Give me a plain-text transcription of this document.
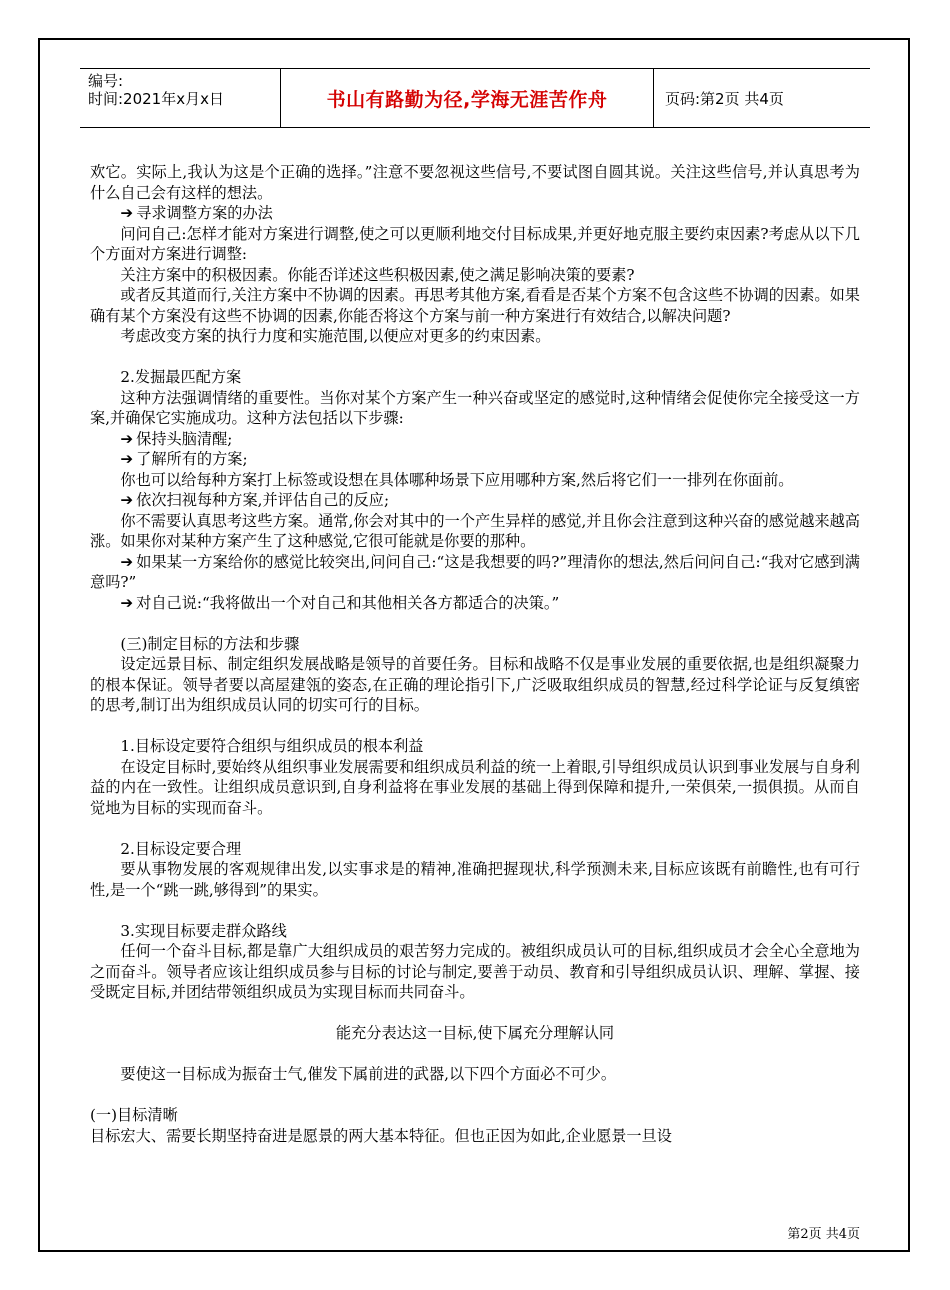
编号:
时间:2021年x月x日	书山有路勤为径,学海无涯苦作舟	页码:第2页 共4页

欢它。实际上,我认为这是个正确的选择。”注意不要忽视这些信号,不要试图自圆其说。关注这些信号,并认真思考为什么自己会有这样的想法。

➔ 寻求调整方案的办法

问问自己:怎样才能对方案进行调整,使之可以更顺利地交付目标成果,并更好地克服主要约束因素?考虑从以下几个方面对方案进行调整:

关注方案中的积极因素。你能否详述这些积极因素,使之满足影响决策的要素?

或者反其道而行,关注方案中不协调的因素。再思考其他方案,看看是否某个方案不包含这些不协调的因素。如果确有某个方案没有这些不协调的因素,你能否将这个方案与前一种方案进行有效结合,以解决问题?

考虑改变方案的执行力度和实施范围,以便应对更多的约束因素。

2.发掘最匹配方案

这种方法强调情绪的重要性。当你对某个方案产生一种兴奋或坚定的感觉时,这种情绪会促使你完全接受这一方案,并确保它实施成功。这种方法包括以下步骤:

➔ 保持头脑清醒;

➔ 了解所有的方案;

你也可以给每种方案打上标签或设想在具体哪种场景下应用哪种方案,然后将它们一一排列在你面前。

➔ 依次扫视每种方案,并评估自己的反应;

你不需要认真思考这些方案。通常,你会对其中的一个产生异样的感觉,并且你会注意到这种兴奋的感觉越来越高涨。如果你对某种方案产生了这种感觉,它很可能就是你要的那种。

➔ 如果某一方案给你的感觉比较突出,问问自己:“这是我想要的吗?”理清你的想法,然后问问自己:“我对它感到满意吗?”

➔ 对自己说:“我将做出一个对自己和其他相关各方都适合的决策。”

(三)制定目标的方法和步骤

设定远景目标、制定组织发展战略是领导的首要任务。目标和战略不仅是事业发展的重要依据,也是组织凝聚力的根本保证。领导者要以高屋建瓴的姿态,在正确的理论指引下,广泛吸取组织成员的智慧,经过科学论证与反复缜密的思考,制订出为组织成员认同的切实可行的目标。

1.目标设定要符合组织与组织成员的根本利益

在设定目标时,要始终从组织事业发展需要和组织成员利益的统一上着眼,引导组织成员认识到事业发展与自身利益的内在一致性。让组织成员意识到,自身利益将在事业发展的基础上得到保障和提升,一荣俱荣,一损俱损。从而自觉地为目标的实现而奋斗。

2.目标设定要合理

要从事物发展的客观规律出发,以实事求是的精神,准确把握现状,科学预测未来,目标应该既有前瞻性,也有可行性,是一个“跳一跳,够得到”的果实。

3.实现目标要走群众路线

任何一个奋斗目标,都是靠广大组织成员的艰苦努力完成的。被组织成员认可的目标,组织成员才会全心全意地为之而奋斗。领导者应该让组织成员参与目标的讨论与制定,要善于动员、教育和引导组织成员认识、理解、掌握、接受既定目标,并团结带领组织成员为实现目标而共同奋斗。

能充分表达这一目标,使下属充分理解认同

要使这一目标成为振奋士气,催发下属前进的武器,以下四个方面必不可少。

(一)目标清晰

目标宏大、需要长期坚持奋进是愿景的两大基本特征。但也正因为如此,企业愿景一旦设

第2页 共4页
